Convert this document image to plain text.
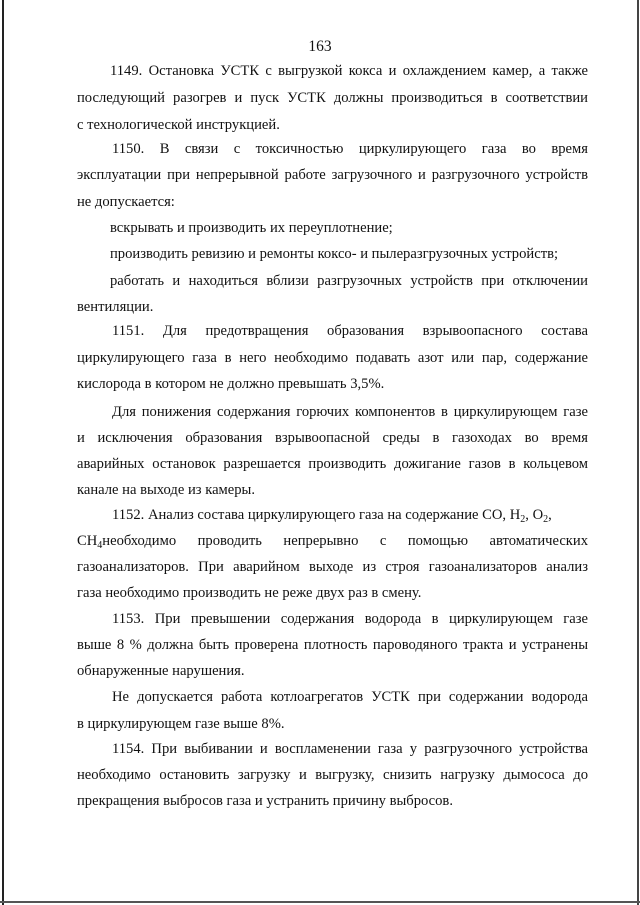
163
1149. Остановка УСТК с выгрузкой кокса и охлаждением камер, а также
последующий разогрев и пуск УСТК должны производиться в соответствии
с технологической инструкцией.
1150. В связи с токсичностью циркулирующего газа во время
эксплуатации при непрерывной работе загрузочного и разгрузочного устройств
не допускается:
вскрывать и производить их переуплотнение;
производить ревизию и ремонты коксо- и пылеразгрузочных устройств;
работать и находиться вблизи разгрузочных устройств при отключении
вентиляции.
1151. Для предотвращения образования взрывоопасного состава
циркулирующего газа в него необходимо подавать азот или пар, содержание
кислорода в котором не должно превышать 3,5%.
Для понижения содержания горючих компонентов в циркулирующем газе
и исключения образования взрывоопасной среды в газоходах во время
аварийных остановок разрешается производить дожигание газов в кольцевом
канале на выходе из камеры.
1152. Анализ состава циркулирующего газа на содержание CO, $H_2$, $O_2$,
$CH_4$ необходимо проводить непрерывно с помощью автоматических
газоанализаторов. При аварийном выходе из строя газоанализаторов анализ
газа необходимо производить не реже двух раз в смену.
1153. При превышении содержания водорода в циркулирующем газе
выше 8 % должна быть проверена плотность пароводяного тракта и устранены
обнаруженные нарушения.
Не допускается работа котлоагрегатов УСТК при содержании водорода
в циркулирующем газе выше 8%.
1154. При выбивании и воспламенении газа у разгрузочного устройства
необходимо остановить загрузку и выгрузку, снизить нагрузку дымососа до
прекращения выбросов газа и устранить причину выбросов.
